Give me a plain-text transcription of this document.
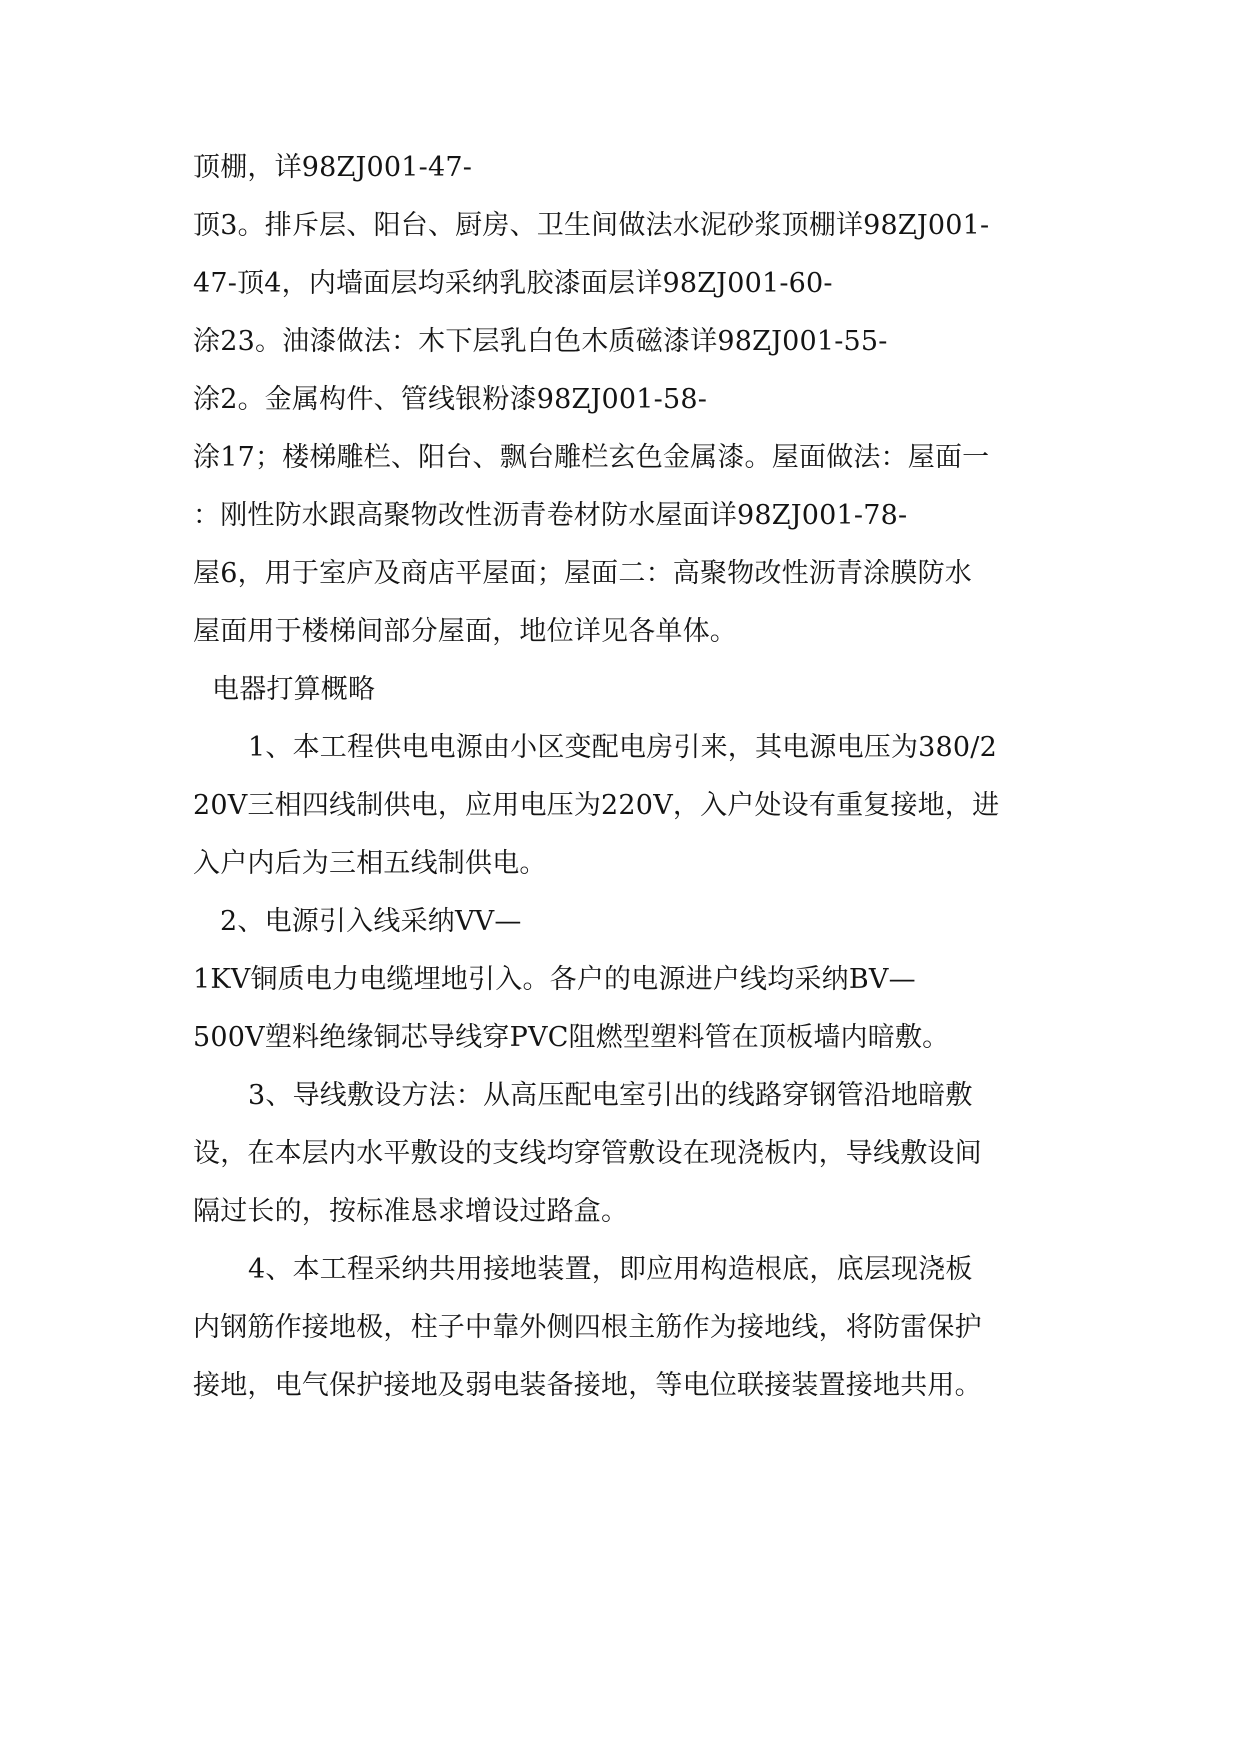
顶棚，详98ZJ001-47-
顶3。排斥层、阳台、厨房、卫生间做法水泥砂浆顶棚详98ZJ001-
47-顶4，内墙面层均采纳乳胶漆面层详98ZJ001-60-
涂23。油漆做法：木下层乳白色木质磁漆详98ZJ001-55-
涂2。金属构件、管线银粉漆98ZJ001-58-
涂17；楼梯雕栏、阳台、飘台雕栏玄色金属漆。屋面做法：屋面一
：刚性防水跟高聚物改性沥青卷材防水屋面详98ZJ001-78-
屋6，用于室庐及商店平屋面；屋面二：高聚物改性沥青涂膜防水
屋面用于楼梯间部分屋面，地位详见各单体。
电器打算概略
1、本工程供电电源由小区变配电房引来，其电源电压为380/2
20V三相四线制供电，应用电压为220V，入户处设有重复接地，进
入户内后为三相五线制供电。
2、电源引入线采纳VV—
1KV铜质电力电缆埋地引入。各户的电源进户线均采纳BV—
500V塑料绝缘铜芯导线穿PVC阻燃型塑料管在顶板墙内暗敷。
3、导线敷设方法：从高压配电室引出的线路穿钢管沿地暗敷
设，在本层内水平敷设的支线均穿管敷设在现浇板内，导线敷设间
隔过长的，按标准恳求增设过路盒。
4、本工程采纳共用接地装置，即应用构造根底，底层现浇板
内钢筋作接地极，柱子中靠外侧四根主筋作为接地线，将防雷保护
接地，电气保护接地及弱电装备接地，等电位联接装置接地共用。
